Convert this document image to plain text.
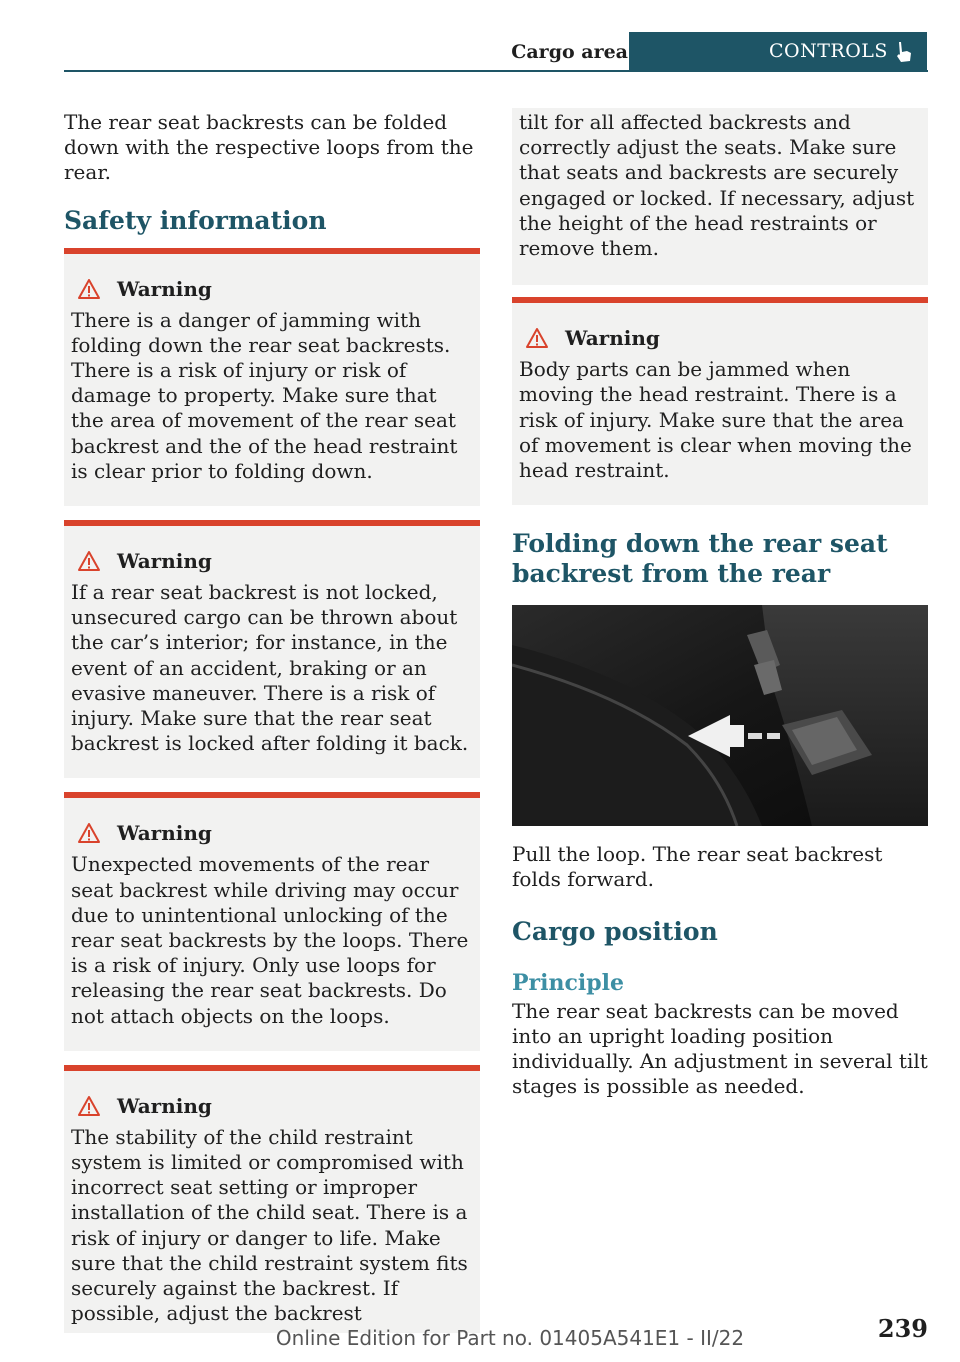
Cargo area	CONTROLS

The rear seat backrests can be folded down with the respective loops from the rear.

Safety information
Warning

There is a danger of jamming with folding down the rear seat backrests. There is a risk of injury or risk of damage to property. Make sure that the area of movement of the rear seat backrest and the of the head restraint is clear prior to folding down.

Warning

If a rear seat backrest is not locked, unsecured cargo can be thrown about the car’s interior; for instance, in the event of an accident, braking or an evasive maneuver. There is a risk of injury. Make sure that the rear seat backrest is locked after folding it back.

Warning

Unexpected movements of the rear seat backrest while driving may occur due to unintentional unlocking of the rear seat backrests by the loops. There is a risk of injury. Only use loops for releasing the rear seat backrests. Do not attach objects on the loops.

Warning

The stability of the child restraint system is limited or compromised with incorrect seat setting or improper installation of the child seat. There is a risk of injury or danger to life. Make sure that the child restraint system fits securely against the backrest. If possible, adjust the backrest

tilt for all affected backrests and correctly adjust the seats. Make sure that seats and backrests are securely engaged or locked. If necessary, adjust the height of the head restraints or remove them.

Warning

Body parts can be jammed when moving the head restraint. There is a risk of injury. Make sure that the area of movement is clear when moving the head restraint.

Folding down the rear seat backrest from the rear

Pull the loop. The rear seat backrest folds forward.

Cargo position
Principle

The rear seat backrests can be moved into an upright loading position individually. An adjustment in several tilt stages is possible as needed.

Online Edition for Part no. 01405A541E1 - II/22	239
